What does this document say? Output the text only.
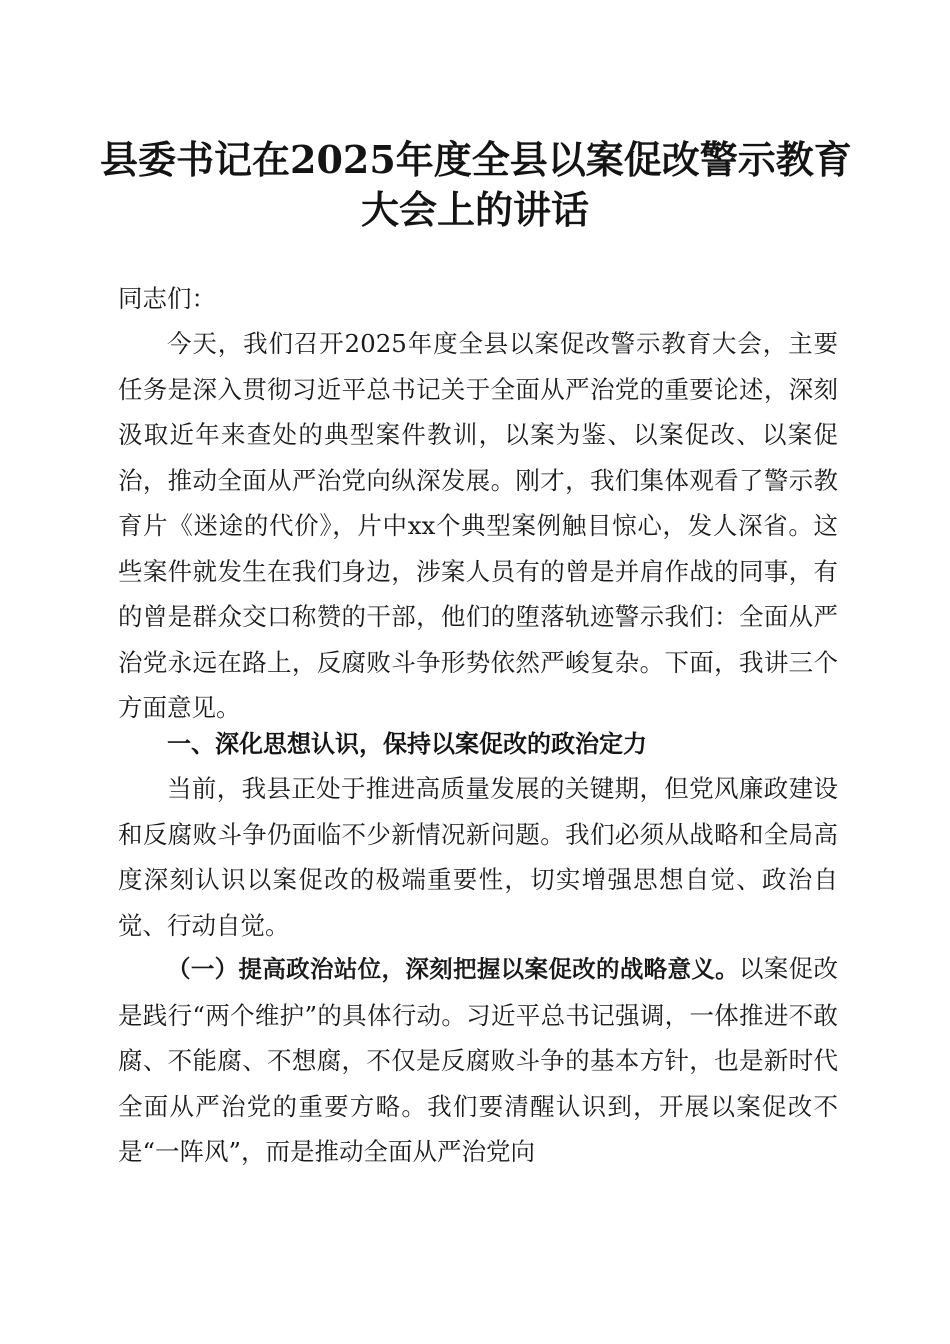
县委书记在2025年度全县以案促改警示教育
大会上的讲话
同志们：

今天，我们召开2025年度全县以案促改警示教育大会，主要任务是深入贯彻习近平总书记关于全面从严治党的重要论述，深刻汲取近年来查处的典型案件教训，以案为鉴、以案促改、以案促治，推动全面从严治党向纵深发展。刚才，我们集体观看了警示教育片《迷途的代价》，片中xx个典型案例触目惊心，发人深省。这些案件就发生在我们身边，涉案人员有的曾是并肩作战的同事，有的曾是群众交口称赞的干部，他们的堕落轨迹警示我们：全面从严治党永远在路上，反腐败斗争形势依然严峻复杂。下面，我讲三个方面意见。

一、深化思想认识，保持以案促改的政治定力

当前，我县正处于推进高质量发展的关键期，但党风廉政建设和反腐败斗争仍面临不少新情况新问题。我们必须从战略和全局高度深刻认识以案促改的极端重要性，切实增强思想自觉、政治自觉、行动自觉。

（一）提高政治站位，深刻把握以案促改的战略意义。以案促改是践行“两个维护”的具体行动。习近平总书记强调，一体推进不敢腐、不能腐、不想腐，不仅是反腐败斗争的基本方针，也是新时代全面从严治党的重要方略。我们要清醒认识到，开展以案促改不是“一阵风”，而是推动全面从严治党向
